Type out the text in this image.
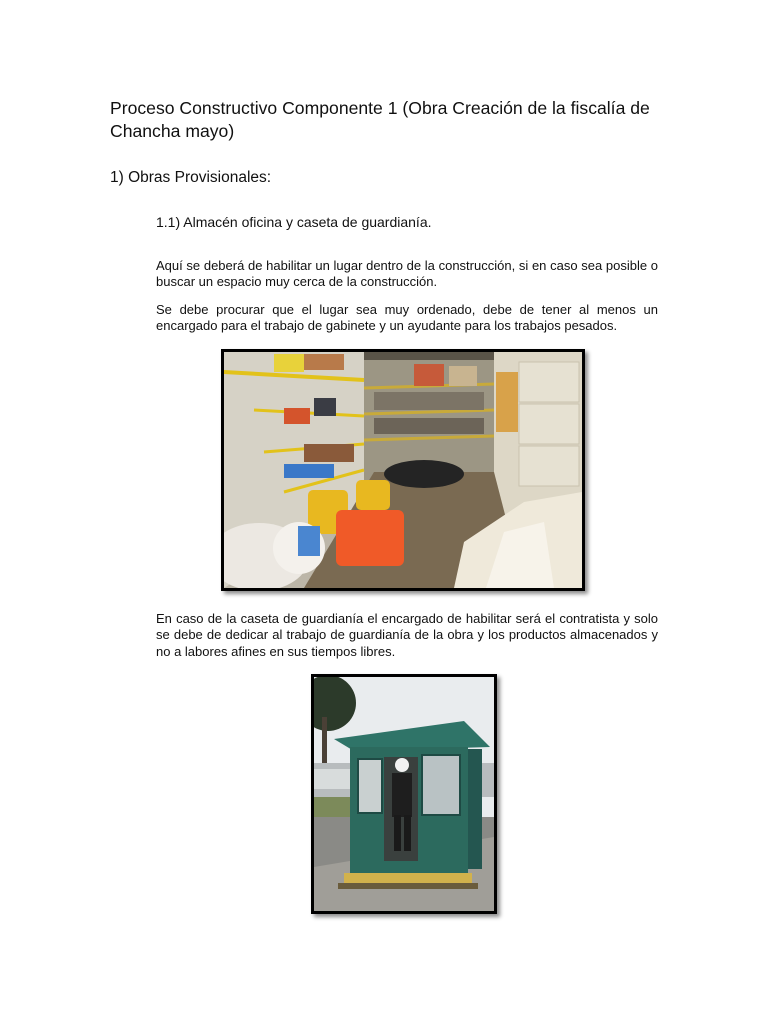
Proceso Constructivo Componente 1 (Obra Creación de la fiscalía de Chancha mayo)
1) Obras Provisionales:
1.1) Almacén oficina y caseta de guardianía.

Aquí se deberá de habilitar un lugar dentro de la construcción, si en caso sea posible o buscar un espacio muy cerca de la construcción.

Se debe procurar que el lugar sea muy ordenado, debe de tener al menos un encargado para el trabajo de gabinete y un ayudante para los trabajos pesados.

En caso de la caseta de guardianía el encargado de habilitar será el contratista y solo se debe de dedicar al trabajo de guardianía de la obra y los productos almacenados y no a labores afines en sus tiempos libres.
